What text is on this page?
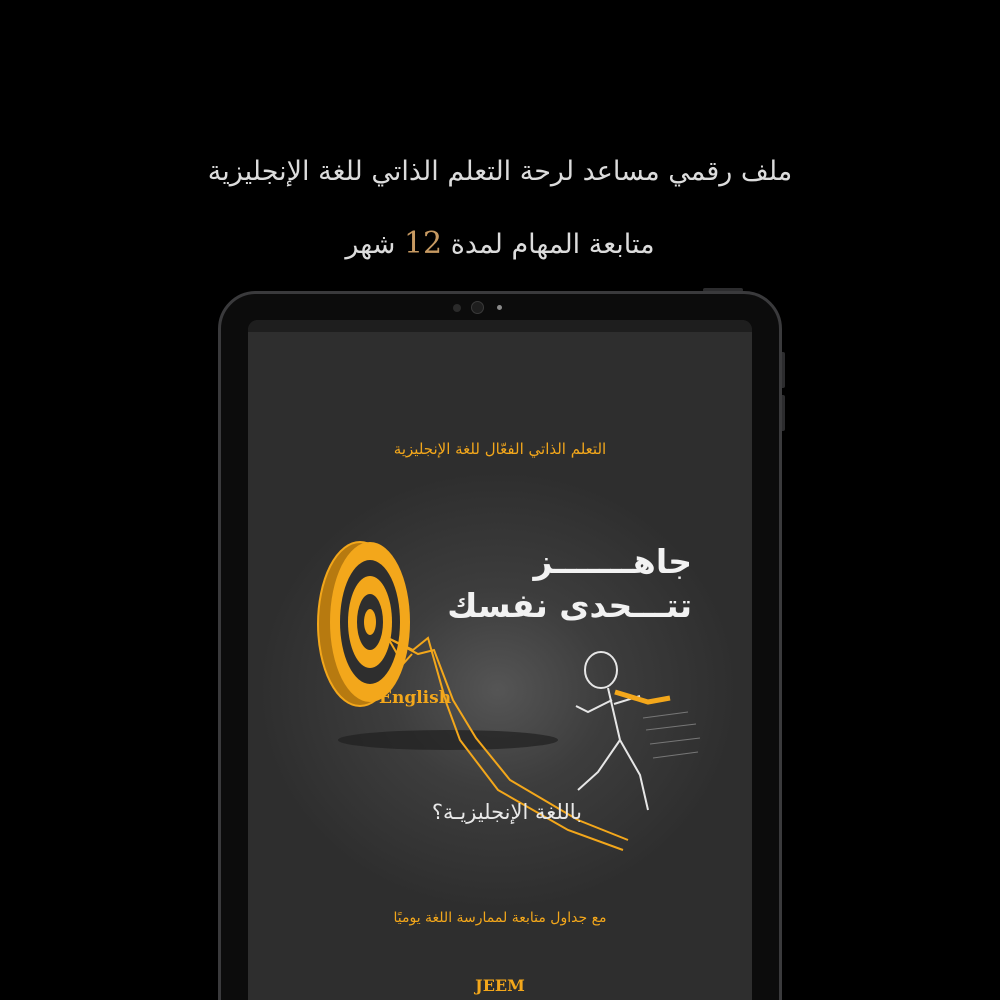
ملف رقمي مساعد لرحة التعلم الذاتي للغة الإنجليزية
متابعة المهام لمدة 12 شهر
التعلم الذاتي الفعّال للغة الإنجليزية
جاهـــــــز
تتـــحدى نفسك
English
باللغة الإنجليزيـة؟
مع جداول متابعة لممارسة اللغة يوميًا
JEEM
